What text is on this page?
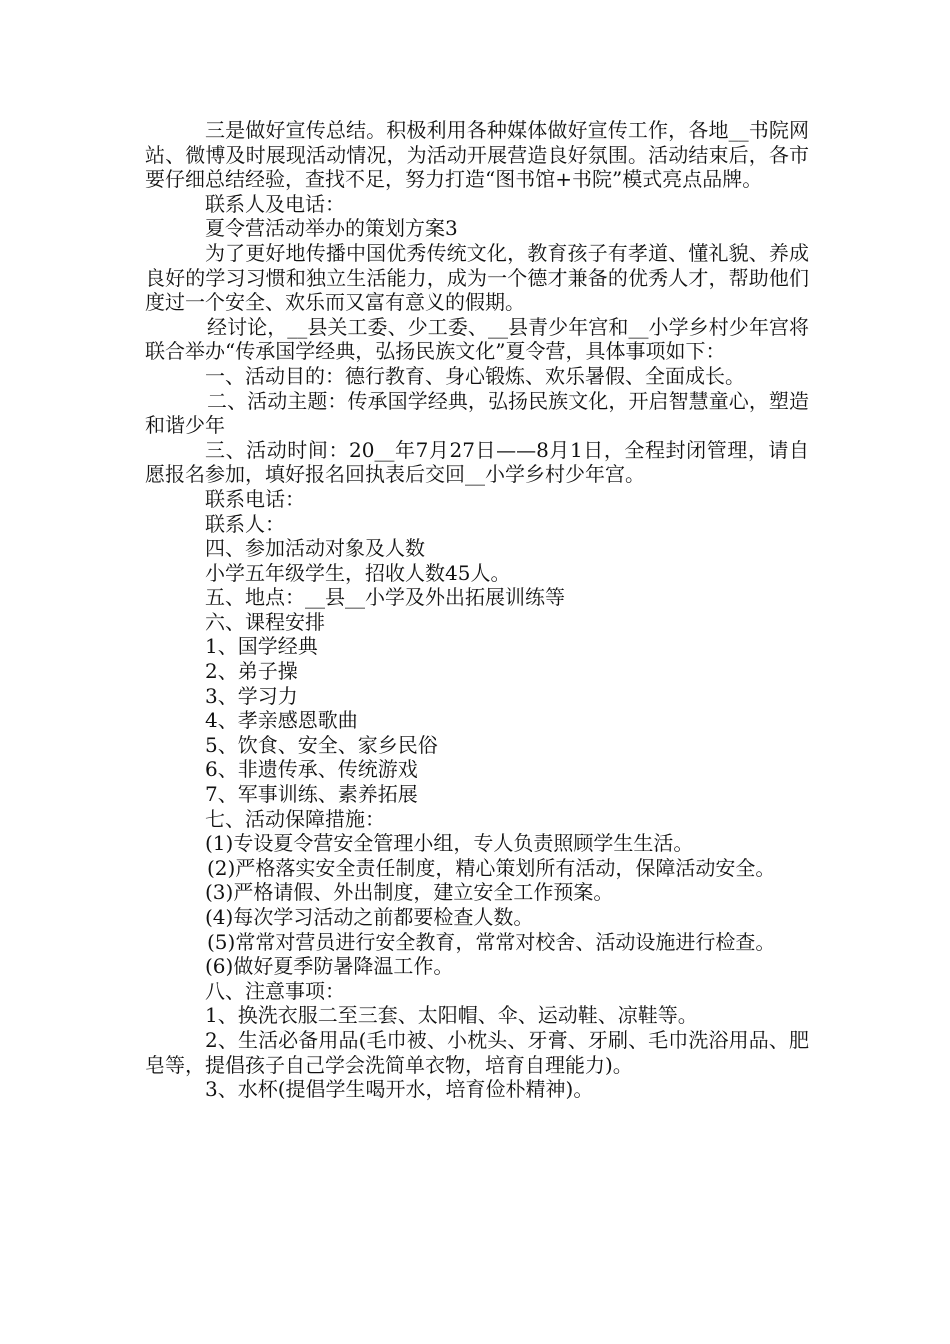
三是做好宣传总结。积极利用各种媒体做好宣传工作，各地__书院网站、微博及时展现活动情况，为活动开展营造良好氛围。活动结束后，各市要仔细总结经验，查找不足，努力打造“图书馆+书院”模式亮点品牌。

联系人及电话：

夏令营活动举办的策划方案3

为了更好地传播中国优秀传统文化，教育孩子有孝道、懂礼貌、养成良好的学习习惯和独立生活能力，成为一个德才兼备的优秀人才，帮助他们度过一个安全、欢乐而又富有意义的假期。

经讨论，__县关工委、少工委、__县青少年宫和__小学乡村少年宫将联合举办“传承国学经典，弘扬民族文化”夏令营，具体事项如下：

一、活动目的：德行教育、身心锻炼、欢乐暑假、全面成长。

二、活动主题：传承国学经典，弘扬民族文化，开启智慧童心，塑造和谐少年

三、活动时间：20__年7月27日——8月1日，全程封闭管理，请自愿报名参加，填好报名回执表后交回__小学乡村少年宫。

联系电话：

联系人：

四、参加活动对象及人数

小学五年级学生，招收人数45人。

五、地点：__县__小学及外出拓展训练等

六、课程安排

1、国学经典

2、弟子操

3、学习力

4、孝亲感恩歌曲

5、饮食、安全、家乡民俗

6、非遗传承、传统游戏

7、军事训练、素养拓展

七、活动保障措施：

(1)专设夏令营安全管理小组，专人负责照顾学生生活。

(2)严格落实安全责任制度，精心策划所有活动，保障活动安全。

(3)严格请假、外出制度，建立安全工作预案。

(4)每次学习活动之前都要检查人数。

(5)常常对营员进行安全教育，常常对校舍、活动设施进行检查。

(6)做好夏季防暑降温工作。

八、注意事项：

1、换洗衣服二至三套、太阳帽、伞、运动鞋、凉鞋等。

2、生活必备用品(毛巾被、小枕头、牙膏、牙刷、毛巾洗浴用品、肥皂等，提倡孩子自己学会洗简单衣物，培育自理能力)。

3、水杯(提倡学生喝开水，培育俭朴精神)。
